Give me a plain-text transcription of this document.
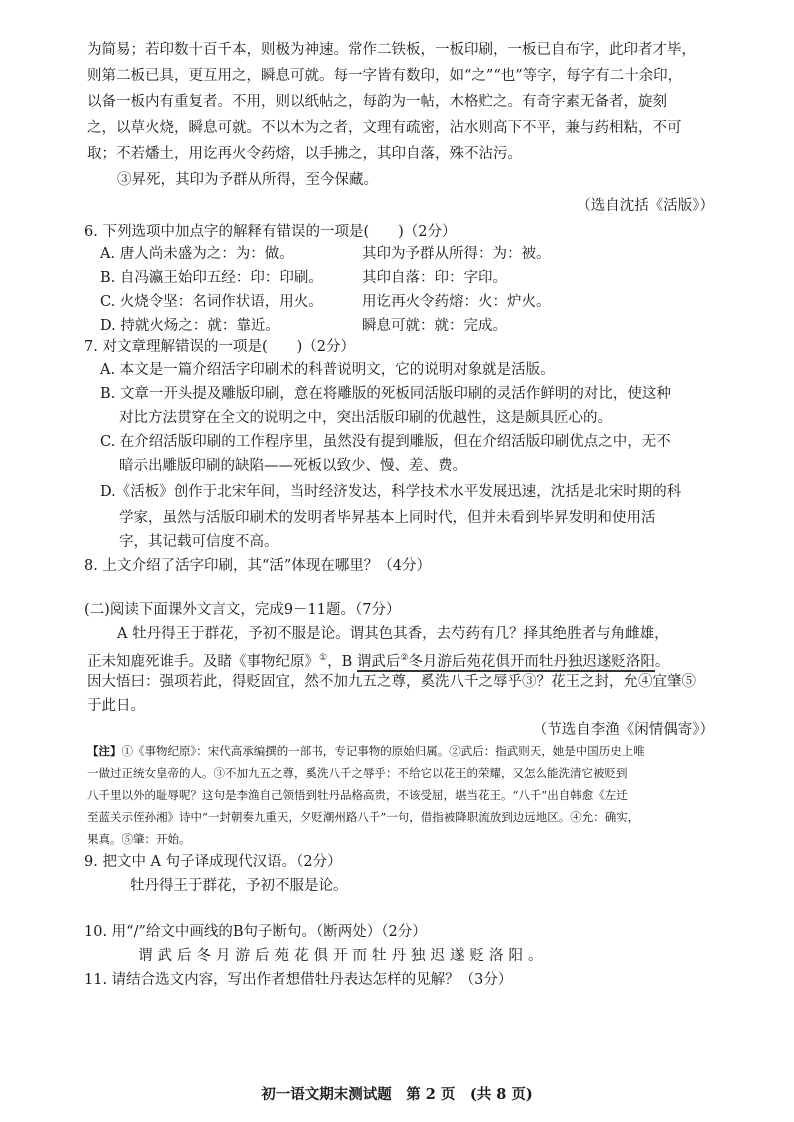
为简易；若印数十百千本，则极为神速。常作二铁板，一板印刷，一板已自布字，此印者才毕，
则第二板已具，更互用之，瞬息可就。每一字皆有数印，如“之”“也”等字，每字有二十余印，
以备一板内有重复者。不用，则以纸帖之，每韵为一帖，木格贮之。有奇字素无备者，旋刻
之，以草火烧，瞬息可就。不以木为之者，文理有疏密，沾水则高下不平，兼与药相粘，不可
取；不若燔土，用讫再火令药熔，以手拂之，其印自落，殊不沾污。
③昇死，其印为予群从所得，至今保藏。
（选自沈括《活版》）
6. 下列选项中加点字的解释有错误的一项是(　　)（2分）
A. 唐人尚未盛为之：为：做。	其印为予群从所得：为：被。
B. 自冯瀛王始印五经：印：印刷。	其印自落：印：字印。
C. 火烧令坚：名词作状语，用火。	用讫再火令药熔：火：炉火。
D. 持就火炀之：就：靠近。	瞬息可就：就：完成。
7. 对文章理解错误的一项是(　　)（2分）
A. 本文是一篇介绍活字印刷术的科普说明文，它的说明对象就是活版。
B. 文章一开头提及雕版印刷，意在将雕版的死板同活版印刷的灵活作鲜明的对比，使这种
对比方法贯穿在全文的说明之中，突出活版印刷的优越性，这是颇具匠心的。
C. 在介绍活版印刷的工作程序里，虽然没有提到雕版，但在介绍活版印刷优点之中，无不
暗示出雕版印刷的缺陷——死板以致少、慢、差、费。
D.《活板》创作于北宋年间，当时经济发达，科学技术水平发展迅速，沈括是北宋时期的科
学家，虽然与活版印刷术的发明者毕昇基本上同时代，但并未看到毕昇发明和使用活
字，其记载可信度不高。
8. 上文介绍了活字印刷，其“活”体现在哪里？（4分）
(二)阅读下面课外文言文，完成9－11题。（7分）
A 牡丹得王于群花，予初不服是论。谓其色其香，去芍药有几？择其绝胜者与角雌雄，
正未知鹿死谁手。及睹《事物纪原》①，B 谓武后②冬月游后苑花俱开而牡丹独迟遂贬洛阳。
因大悟曰：强项若此，得贬固宜，然不加九五之尊，奚洗八千之辱乎③？花王之封，允④宜肇⑤
于此日。
（节选自李渔《闲情偶寄》）
【注】①《事物纪原》：宋代高承编撰的一部书，专记事物的原始归属。②武后：指武则天，她是中国历史上唯
一做过正统女皇帝的人。③不加九五之尊，奚洗八千之辱乎：不给它以花王的荣耀，又怎么能洗清它被贬到
八千里以外的耻辱呢？这句是李渔自己领悟到牡丹品格高贵，不该受屈，堪当花王。“八千”出自韩愈《左迁
至蓝关示侄孙湘》诗中“一封朝奏九重天，夕贬潮州路八千”一句，借指被降职流放到边远地区。④允：确实，
果真。⑤肇：开始。
9. 把文中 A 句子译成现代汉语。（2分）
牡丹得王于群花，予初不服是论。
10. 用“/”给文中画线的B句子断句。（断两处）（2分）
谓武后冬月游后苑花俱开而牡丹独迟遂贬洛阳。
11. 请结合选文内容，写出作者想借牡丹表达怎样的见解？（3分）
初一语文期末测试题　第 2 页　(共 8 页)
